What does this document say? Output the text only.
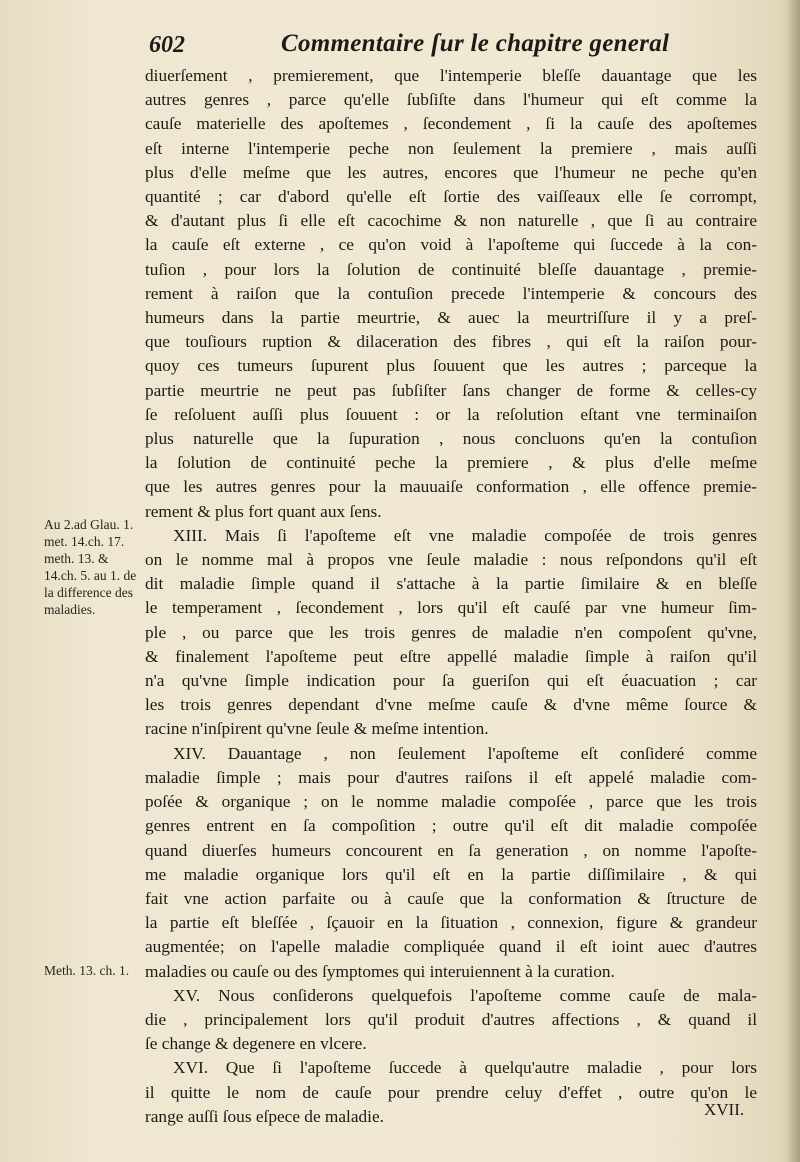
602	Commentaire ſur le chapitre general
Au 2.ad Glau. 1. met. 14.ch. 17. meth. 13. & 14.ch. 5. au 1. de la difference des maladies.
Meth. 13. ch. 1.
diuerſement , premierement, que l'intemperie bleſſe dauantage que les
autres genres , parce qu'elle ſubſiſte dans l'humeur qui eſt comme la
cauſe materielle des apoſtemes , ſecondement , ſi la cauſe des apoſtemes
eſt interne l'intemperie peche non ſeulement la premiere , mais auſſi
plus d'elle meſme que les autres, encores que l'humeur ne peche qu'en
quantité ; car d'abord qu'elle eſt ſortie des vaiſſeaux elle ſe corrompt,
& d'autant plus ſi elle eſt cacochime & non naturelle , que ſi au contraire
la cauſe eſt externe , ce qu'on void à l'apoſteme qui ſuccede à la con-
tuſion , pour lors la ſolution de continuité bleſſe dauantage , premie-
rement à raiſon que la contuſion precede l'intemperie & concours des
humeurs dans la partie meurtrie, & auec la meurtriſſure il y a preſ-
que touſiours ruption & dilaceration des fibres , qui eſt la raiſon pour-
quoy ces tumeurs ſupurent plus ſouuent que les autres ; parceque la
partie meurtrie ne peut pas ſubſiſter ſans changer de forme & celles-cy
ſe reſoluent auſſi plus ſouuent : or la reſolution eſtant vne terminaiſon
plus naturelle que la ſupuration , nous concluons qu'en la contuſion
la ſolution de continuité peche la premiere , & plus d'elle meſme
que les autres genres pour la mauuaiſe conformation , elle offence premie-
rement & plus fort quant aux ſens.
XIII. Mais ſi l'apoſteme eſt vne maladie compoſée de trois genres
on le nomme mal à propos vne ſeule maladie : nous reſpondons qu'il eſt
dit maladie ſimple quand il s'attache à la partie ſimilaire & en bleſſe
le temperament , ſecondement , lors qu'il eſt cauſé par vne humeur ſim-
ple , ou parce que les trois genres de maladie n'en compoſent qu'vne,
& finalement l'apoſteme peut eſtre appellé maladie ſimple à raiſon qu'il
n'a qu'vne ſimple indication pour ſa gueriſon qui eſt éuacuation ; car
les trois genres dependant d'vne meſme cauſe & d'vne même ſource &
racine n'inſpirent qu'vne ſeule & meſme intention.
XIV. Dauantage , non ſeulement l'apoſteme eſt conſideré comme
maladie ſimple ; mais pour d'autres raiſons il eſt appelé maladie com-
poſée & organique ; on le nomme maladie compoſée , parce que les trois
genres entrent en ſa compoſition ; outre qu'il eſt dit maladie compoſée
quand diuerſes humeurs concourent en ſa generation , on nomme l'apoſte-
me maladie organique lors qu'il eſt en la partie diſſimilaire , & qui
fait vne action parfaite ou à cauſe que la conformation & ſtructure de
la partie eſt bleſſée , ſçauoir en la ſituation , connexion, figure & grandeur
augmentée; on l'apelle maladie compliquée quand il eſt ioint auec d'autres
maladies ou cauſe ou des ſymptomes qui interuiennent à la curation.
XV. Nous conſiderons quelquefois l'apoſteme comme cauſe de mala-
die , principalement lors qu'il produit d'autres affections , & quand il
ſe change & degenere en vlcere.
XVI. Que ſi l'apoſteme ſuccede à quelqu'autre maladie , pour lors
il quitte le nom de cauſe pour prendre celuy d'effet , outre qu'on le
range auſſi ſous eſpece de maladie.	XVII.
